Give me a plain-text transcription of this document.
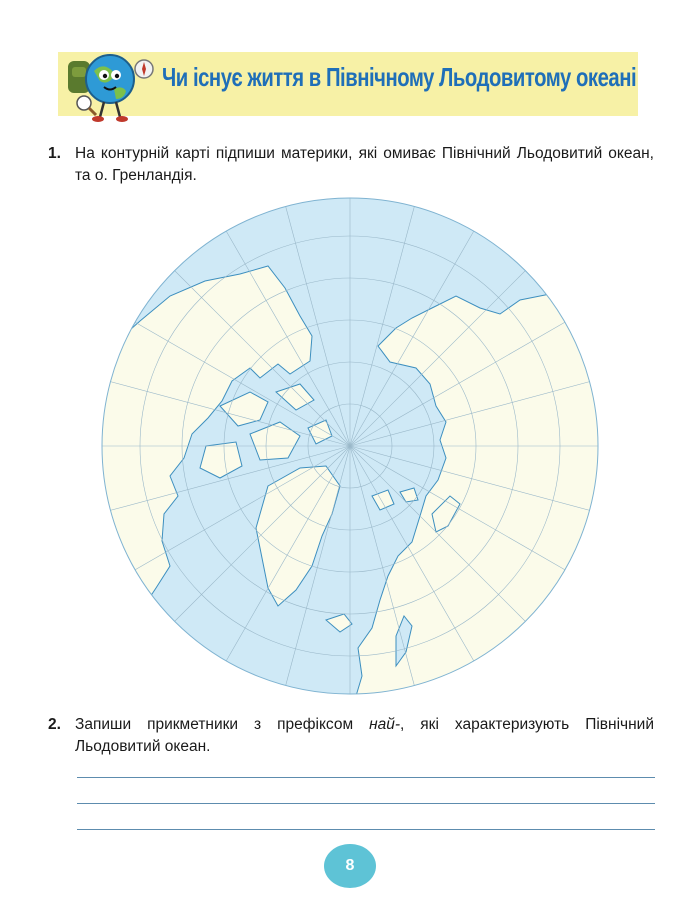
Чи існує життя в Північному Льодовитому океані
1. На контурній карті підпиши материки, які омиває Північний Льодовитий океан, та о. Гренландія.
2. Запиши прикметники з префіксом най-, які характеризують Північний Льодовитий океан.
8
